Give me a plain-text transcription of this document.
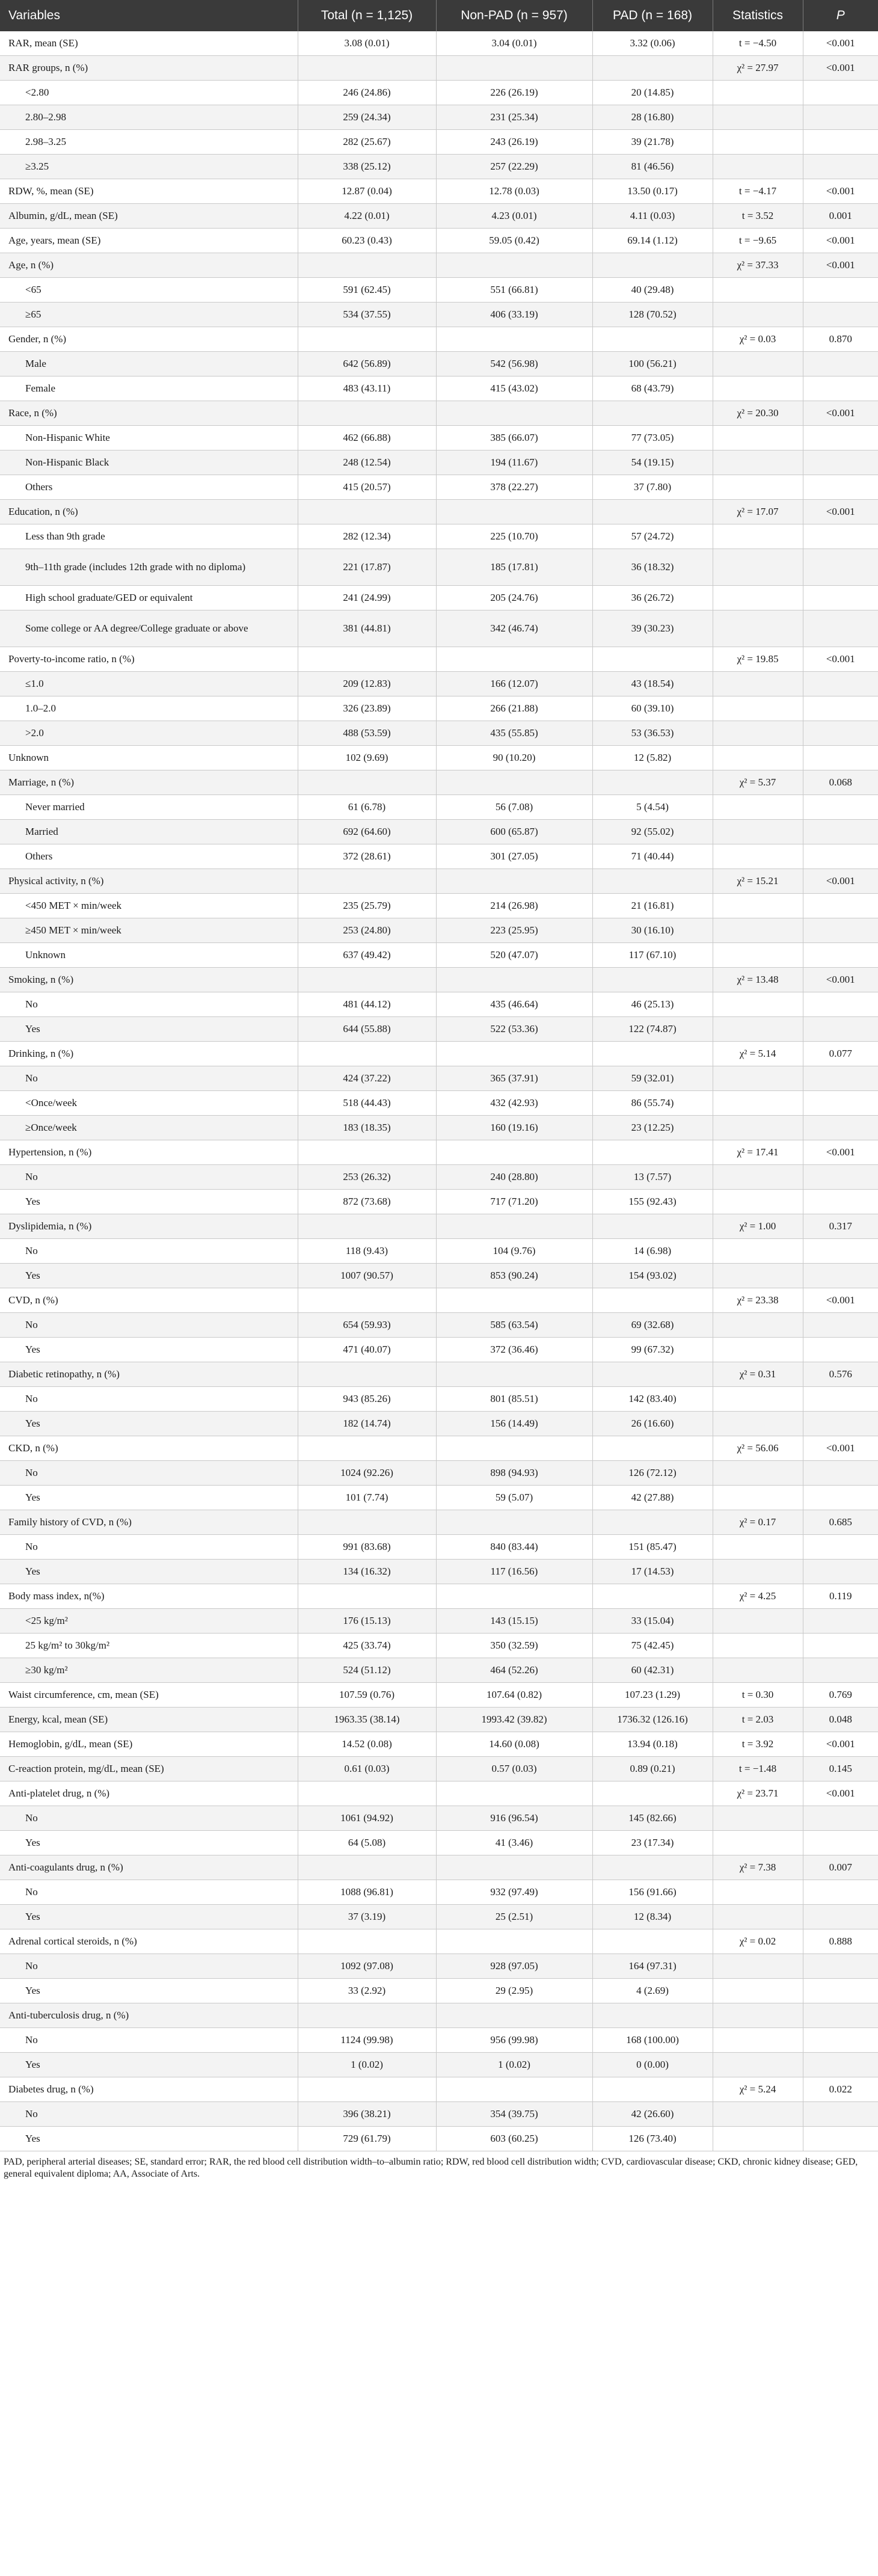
Variables	Total (n = 1,125)	Non-PAD (n = 957)	PAD (n = 168)	Statistics	P
RAR, mean (SE)	3.08 (0.01)	3.04 (0.01)	3.32 (0.06)	t = −4.50	<0.001
RAR groups, n (%)				χ² = 27.97	<0.001
<2.80	246 (24.86)	226 (26.19)	20 (14.85)		
2.80–2.98	259 (24.34)	231 (25.34)	28 (16.80)		
2.98–3.25	282 (25.67)	243 (26.19)	39 (21.78)		
≥3.25	338 (25.12)	257 (22.29)	81 (46.56)		
RDW, %, mean (SE)	12.87 (0.04)	12.78 (0.03)	13.50 (0.17)	t = −4.17	<0.001
Albumin, g/dL, mean (SE)	4.22 (0.01)	4.23 (0.01)	4.11 (0.03)	t = 3.52	0.001
Age, years, mean (SE)	60.23 (0.43)	59.05 (0.42)	69.14 (1.12)	t = −9.65	<0.001
Age, n (%)				χ² = 37.33	<0.001
<65	591 (62.45)	551 (66.81)	40 (29.48)		
≥65	534 (37.55)	406 (33.19)	128 (70.52)		
Gender, n (%)				χ² = 0.03	0.870
Male	642 (56.89)	542 (56.98)	100 (56.21)		
Female	483 (43.11)	415 (43.02)	68 (43.79)		
Race, n (%)				χ² = 20.30	<0.001
Non-Hispanic White	462 (66.88)	385 (66.07)	77 (73.05)		
Non-Hispanic Black	248 (12.54)	194 (11.67)	54 (19.15)		
Others	415 (20.57)	378 (22.27)	37 (7.80)		
Education, n (%)				χ² = 17.07	<0.001
Less than 9th grade	282 (12.34)	225 (10.70)	57 (24.72)		
9th–11th grade (includes 12th grade with no diploma)	221 (17.87)	185 (17.81)	36 (18.32)		
High school graduate/GED or equivalent	241 (24.99)	205 (24.76)	36 (26.72)		
Some college or AA degree/College graduate or above	381 (44.81)	342 (46.74)	39 (30.23)		
Poverty-to-income ratio, n (%)				χ² = 19.85	<0.001
≤1.0	209 (12.83)	166 (12.07)	43 (18.54)		
1.0–2.0	326 (23.89)	266 (21.88)	60 (39.10)		
>2.0	488 (53.59)	435 (55.85)	53 (36.53)		
Unknown	102 (9.69)	90 (10.20)	12 (5.82)		
Marriage, n (%)				χ² = 5.37	0.068
Never married	61 (6.78)	56 (7.08)	5 (4.54)		
Married	692 (64.60)	600 (65.87)	92 (55.02)		
Others	372 (28.61)	301 (27.05)	71 (40.44)		
Physical activity, n (%)				χ² = 15.21	<0.001
<450 MET × min/week	235 (25.79)	214 (26.98)	21 (16.81)		
≥450 MET × min/week	253 (24.80)	223 (25.95)	30 (16.10)		
Unknown	637 (49.42)	520 (47.07)	117 (67.10)		
Smoking, n (%)				χ² = 13.48	<0.001
No	481 (44.12)	435 (46.64)	46 (25.13)		
Yes	644 (55.88)	522 (53.36)	122 (74.87)		
Drinking, n (%)				χ² = 5.14	0.077
No	424 (37.22)	365 (37.91)	59 (32.01)		
<Once/week	518 (44.43)	432 (42.93)	86 (55.74)		
≥Once/week	183 (18.35)	160 (19.16)	23 (12.25)		
Hypertension, n (%)				χ² = 17.41	<0.001
No	253 (26.32)	240 (28.80)	13 (7.57)		
Yes	872 (73.68)	717 (71.20)	155 (92.43)		
Dyslipidemia, n (%)				χ² = 1.00	0.317
No	118 (9.43)	104 (9.76)	14 (6.98)		
Yes	1007 (90.57)	853 (90.24)	154 (93.02)		
CVD, n (%)				χ² = 23.38	<0.001
No	654 (59.93)	585 (63.54)	69 (32.68)		
Yes	471 (40.07)	372 (36.46)	99 (67.32)		
Diabetic retinopathy, n (%)				χ² = 0.31	0.576
No	943 (85.26)	801 (85.51)	142 (83.40)		
Yes	182 (14.74)	156 (14.49)	26 (16.60)		
CKD, n (%)				χ² = 56.06	<0.001
No	1024 (92.26)	898 (94.93)	126 (72.12)		
Yes	101 (7.74)	59 (5.07)	42 (27.88)		
Family history of CVD, n (%)				χ² = 0.17	0.685
No	991 (83.68)	840 (83.44)	151 (85.47)		
Yes	134 (16.32)	117 (16.56)	17 (14.53)		
Body mass index, n(%)				χ² = 4.25	0.119
<25 kg/m²	176 (15.13)	143 (15.15)	33 (15.04)		
25 kg/m² to 30kg/m²	425 (33.74)	350 (32.59)	75 (42.45)		
≥30 kg/m²	524 (51.12)	464 (52.26)	60 (42.31)		
Waist circumference, cm, mean (SE)	107.59 (0.76)	107.64 (0.82)	107.23 (1.29)	t = 0.30	0.769
Energy, kcal, mean (SE)	1963.35 (38.14)	1993.42 (39.82)	1736.32 (126.16)	t = 2.03	0.048
Hemoglobin, g/dL, mean (SE)	14.52 (0.08)	14.60 (0.08)	13.94 (0.18)	t = 3.92	<0.001
C-reaction protein, mg/dL, mean (SE)	0.61 (0.03)	0.57 (0.03)	0.89 (0.21)	t = −1.48	0.145
Anti-platelet drug, n (%)				χ² = 23.71	<0.001
No	1061 (94.92)	916 (96.54)	145 (82.66)		
Yes	64 (5.08)	41 (3.46)	23 (17.34)		
Anti-coagulants drug, n (%)				χ² = 7.38	0.007
No	1088 (96.81)	932 (97.49)	156 (91.66)		
Yes	37 (3.19)	25 (2.51)	12 (8.34)		
Adrenal cortical steroids, n (%)				χ² = 0.02	0.888
No	1092 (97.08)	928 (97.05)	164 (97.31)		
Yes	33 (2.92)	29 (2.95)	4 (2.69)		
Anti-tuberculosis drug, n (%)					
No	1124 (99.98)	956 (99.98)	168 (100.00)		
Yes	1 (0.02)	1 (0.02)	0 (0.00)		
Diabetes drug, n (%)				χ² = 5.24	0.022
No	396 (38.21)	354 (39.75)	42 (26.60)		
Yes	729 (61.79)	603 (60.25)	126 (73.40)		
PAD, peripheral arterial diseases; SE, standard error; RAR, the red blood cell distribution width–to–albumin ratio; RDW, red blood cell distribution width; CVD, cardiovascular disease; CKD, chronic kidney disease; GED, general equivalent diploma; AA, Associate of Arts.
